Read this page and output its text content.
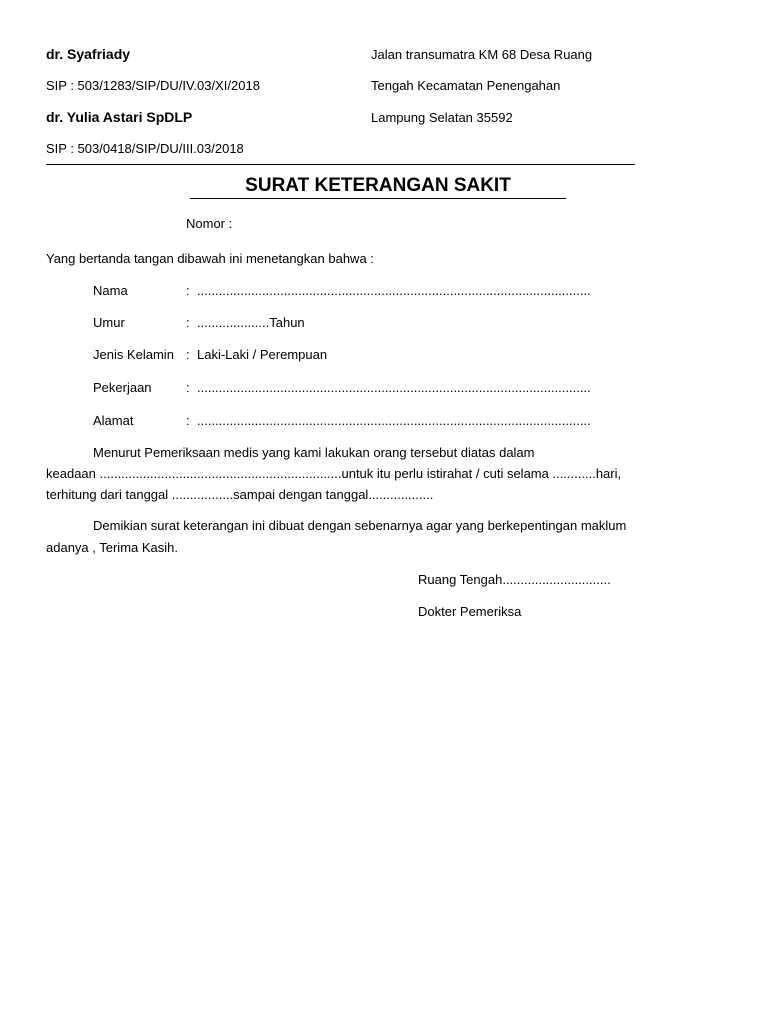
dr. Syafriady
SIP : 503/1283/SIP/DU/IV.03/XI/2018
dr. Yulia Astari SpDLP
SIP : 503/0418/SIP/DU/III.03/2018
Jalan transumatra KM 68 Desa Ruang
Tengah Kecamatan Penengahan
Lampung Selatan 35592
SURAT KETERANGAN SAKIT
Nomor :
Yang bertanda tangan dibawah ini menetangkan bahwa :
Nama	: .............................................................................................................
Umur	: ....................Tahun
Jenis Kelamin : Laki-Laki / Perempuan
Pekerjaan	: .............................................................................................................
Alamat	: .............................................................................................................
Menurut Pemeriksaan medis yang kami lakukan orang tersebut diatas dalam
keadaan ...................................................................untuk itu perlu istirahat / cuti selama ............hari,
terhitung dari tanggal .................sampai dengan tanggal..................
Demikian surat keterangan ini dibuat dengan sebenarnya agar yang berkepentingan maklum
adanya , Terima Kasih.
Ruang Tengah..............................
Dokter Pemeriksa
